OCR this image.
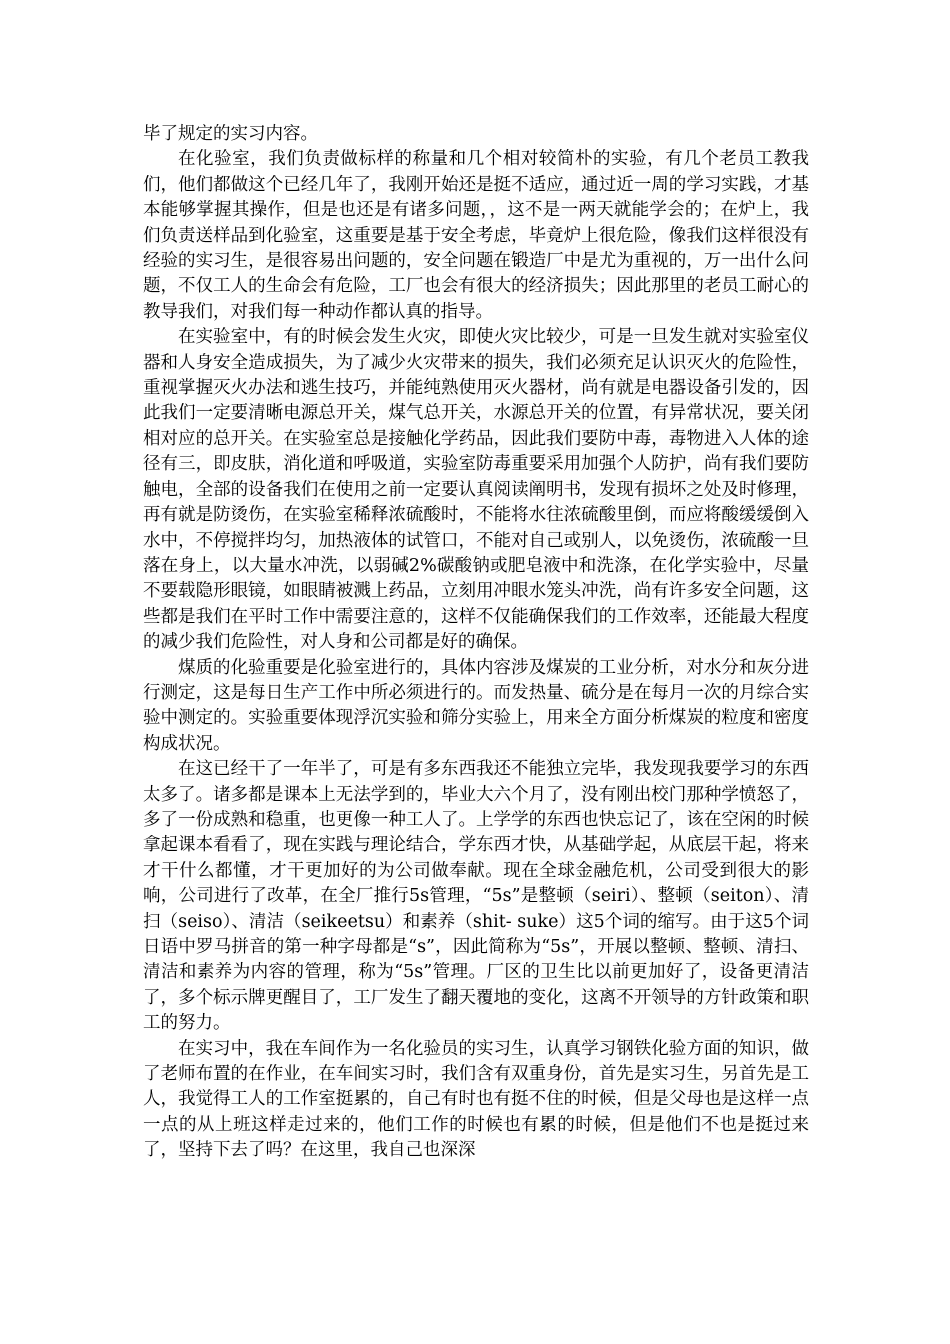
毕了规定的实习内容。

在化验室，我们负责做标样的称量和几个相对较简朴的实验，有几个老员工教我们，他们都做这个已经几年了，我刚开始还是挺不适应，通过近一周的学习实践，才基本能够掌握其操作，但是也还是有诸多问题，，这不是一两天就能学会的；在炉上，我们负责送样品到化验室，这重要是基于安全考虑，毕竟炉上很危险，像我们这样很没有经验的实习生，是很容易出问题的，安全问题在锻造厂中是尤为重视的，万一出什么问题，不仅工人的生命会有危险，工厂也会有很大的经济损失；因此那里的老员工耐心的教导我们，对我们每一种动作都认真的指导。

在实验室中，有的时候会发生火灾，即使火灾比较少，可是一旦发生就对实验室仪器和人身安全造成损失，为了减少火灾带来的损失，我们必须充足认识灭火的危险性，重视掌握灭火办法和逃生技巧，并能纯熟使用灭火器材，尚有就是电器设备引发的，因此我们一定要清晰电源总开关，煤气总开关，水源总开关的位置，有异常状况，要关闭相对应的总开关。在实验室总是接触化学药品，因此我们要防中毒，毒物进入人体的途径有三，即皮肤，消化道和呼吸道，实验室防毒重要采用加强个人防护，尚有我们要防触电，全部的设备我们在使用之前一定要认真阅读阐明书，发现有损坏之处及时修理，再有就是防烫伤，在实验室稀释浓硫酸时，不能将水往浓硫酸里倒，而应将酸缓缓倒入水中，不停搅拌均匀，加热液体的试管口，不能对自己或别人，以免烫伤，浓硫酸一旦落在身上，以大量水冲洗，以弱碱2%碳酸钠或肥皂液中和洗涤，在化学实验中，尽量不要载隐形眼镜，如眼睛被溅上药品，立刻用冲眼水笼头冲洗，尚有许多安全问题，这些都是我们在平时工作中需要注意的，这样不仅能确保我们的工作效率，还能最大程度的减少我们危险性，对人身和公司都是好的确保。

煤质的化验重要是化验室进行的，具体内容涉及煤炭的工业分析，对水分和灰分进行测定，这是每日生产工作中所必须进行的。而发热量、硫分是在每月一次的月综合实验中测定的。实验重要体现浮沉实验和筛分实验上，用来全方面分析煤炭的粒度和密度构成状况。

在这已经干了一年半了，可是有多东西我还不能独立完毕，我发现我要学习的东西太多了。诸多都是课本上无法学到的，毕业大六个月了，没有刚出校门那种学愤怒了，多了一份成熟和稳重，也更像一种工人了。上学学的东西也快忘记了，该在空闲的时候拿起课本看看了，现在实践与理论结合，学东西才快，从基础学起，从底层干起，将来才干什么都懂，才干更加好的为公司做奉献。现在全球金融危机，公司受到很大的影响，公司进行了改革，在全厂推行5s管理，“5s”是整顿（seiri）、整顿（seiton）、清扫（seiso）、清洁（seikeetsu）和素养（shit- suke）这5个词的缩写。由于这5个词日语中罗马拼音的第一种字母都是“s”，因此简称为“5s”，开展以整顿、整顿、清扫、清洁和素养为内容的管理，称为“5s”管理。厂区的卫生比以前更加好了，设备更清洁了，多个标示牌更醒目了，工厂发生了翻天覆地的变化，这离不开领导的方针政策和职工的努力。

在实习中，我在车间作为一名化验员的实习生，认真学习钢铁化验方面的知识，做了老师布置的在作业，在车间实习时，我们含有双重身份，首先是实习生，另首先是工人，我觉得工人的工作室挺累的，自己有时也有挺不住的时候，但是父母也是这样一点一点的从上班这样走过来的，他们工作的时候也有累的时候，但是他们不也是挺过来了，坚持下去了吗？在这里，我自己也深深
